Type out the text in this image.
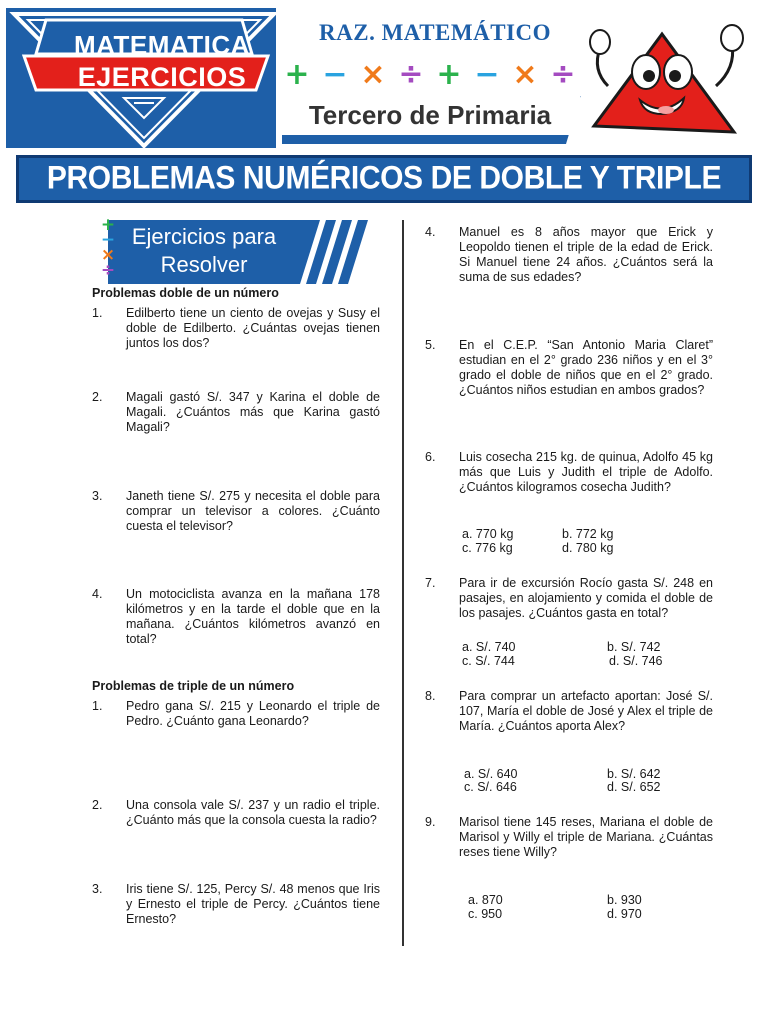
MATEMATICA
EJERCICIOS
RAZ. MATEMÁTICO
+ − × ÷ + − × ÷
Tercero de Primaria
PROBLEMAS NUMÉRICOS DE DOBLE Y TRIPLE
+
−
×
÷
Ejercicios para
Resolver
Problemas doble de un número
1. Edilberto tiene un ciento de ovejas y Susy el doble de Edilberto. ¿Cuántas ovejas tienen juntos los dos?
2. Magali gastó S/. 347 y Karina el doble de Magali. ¿Cuántos más que Karina gastó Magali?
3. Janeth tiene S/. 275 y necesita el doble para comprar un televisor a colores. ¿Cuánto cuesta el televisor?
4. Un motociclista avanza en la mañana 178 kilómetros y en la tarde el doble que en la mañana. ¿Cuántos kilómetros avanzó en total?
Problemas de triple de un número
1. Pedro gana S/. 215 y Leonardo el triple de Pedro. ¿Cuánto gana Leonardo?
2. Una consola vale S/. 237 y un radio el triple. ¿Cuánto más que la consola cuesta la radio?
3. Iris tiene S/. 125, Percy S/. 48 menos que Iris y Ernesto el triple de Percy. ¿Cuántos tiene Ernesto?
4. Manuel es 8 años mayor que Erick y Leopoldo tienen el triple de la edad de Erick. Si Manuel tiene 24 años. ¿Cuántos será la suma de sus edades?
5. En el C.E.P. “San Antonio Maria Claret” estudian en el 2° grado 236 niños y en el 3° grado el doble de niños que en el 2° grado. ¿Cuántos niños estudian en ambos grados?
6. Luis cosecha 215 kg. de quinua, Adolfo 45 kg más que Luis y Judith el triple de Adolfo. ¿Cuántos kilogramos cosecha Judith?
a. 770 kg	b. 772 kg
c. 776 kg	d. 780 kg
7. Para ir de excursión Rocío gasta S/. 248 en pasajes, en alojamiento y comida el doble de los pasajes. ¿Cuántos gasta en total?
a. S/. 740	b. S/. 742
c. S/. 744	d. S/. 746
8. Para comprar un artefacto aportan: José S/. 107, María el doble de José y Alex el triple de María. ¿Cuántos aporta Alex?
a. S/. 640	b. S/. 642
c. S/. 646	d. S/. 652
9. Marisol tiene 145 reses, Mariana el doble de Marisol y Willy el triple de Mariana. ¿Cuántas reses tiene Willy?
a. 870	b. 930
c. 950	d. 970
